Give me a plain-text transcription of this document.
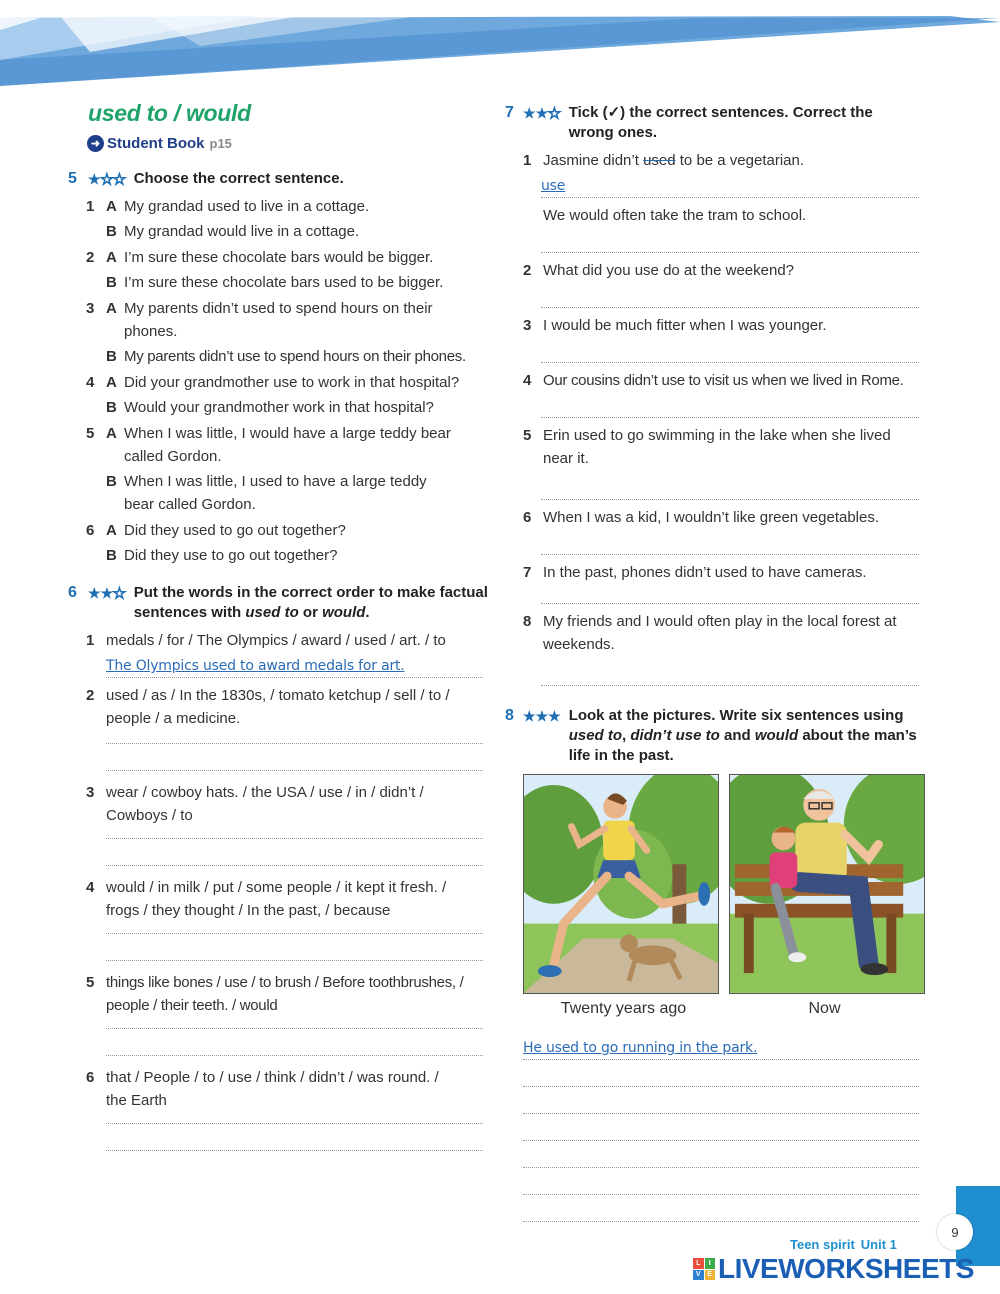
used to / would
➜ Student Book p15
5 ★ ★ ★ Choose the correct sentence.
1 A My grandad used to live in a cottage.
B My grandad would live in a cottage.
2 A I’m sure these chocolate bars would be bigger.
B I’m sure these chocolate bars used to be bigger.
3 A My parents didn’t used to spend hours on their phones.
B My parents didn’t use to spend hours on their phones.
4 A Did your grandmother use to work in that hospital?
B Would your grandmother work in that hospital?
5 A When I was little, I would have a large teddy bear called Gordon.
B When I was little, I used to have a large teddy bear called Gordon.
6 A Did they used to go out together?
B Did they use to go out together?
6 ★ ★ ★ Put the words in the correct order to make factual sentences with used to or would.
1 medals / for / The Olympics / award / used / art. / to
The Olympics used to award medals for art.
2 used / as / In the 1830s, / tomato ketchup / sell / to / people / a medicine.
3 wear / cowboy hats. / the USA / use / in / didn’t / Cowboys / to
4 would / in milk / put / some people / it kept it fresh. / frogs / they thought / In the past, / because
5 things like bones / use / to brush / Before toothbrushes, / people / their teeth. / would
6 that / People / to / use / think / didn’t / was round. / the Earth
7 ★ ★ ★ Tick (✓) the correct sentences. Correct the wrong ones.
1 Jasmine didn’t used to be a vegetarian.
use
We would often take the tram to school.
2 What did you use do at the weekend?
3 I would be much fitter when I was younger.
4 Our cousins didn’t use to visit us when we lived in Rome.
5 Erin used to go swimming in the lake when she lived near it.
6 When I was a kid, I wouldn’t like green vegetables.
7 In the past, phones didn’t used to have cameras.
8 My friends and I would often play in the local forest at weekends.
8 ★ ★ ★ Look at the pictures. Write six sentences using used to, didn’t use to and would about the man’s life in the past.
Twenty years ago	Now
He used to go running in the park.
9
Teen spirit Unit 1
L	I
V E LIVEWORKSHEETS
